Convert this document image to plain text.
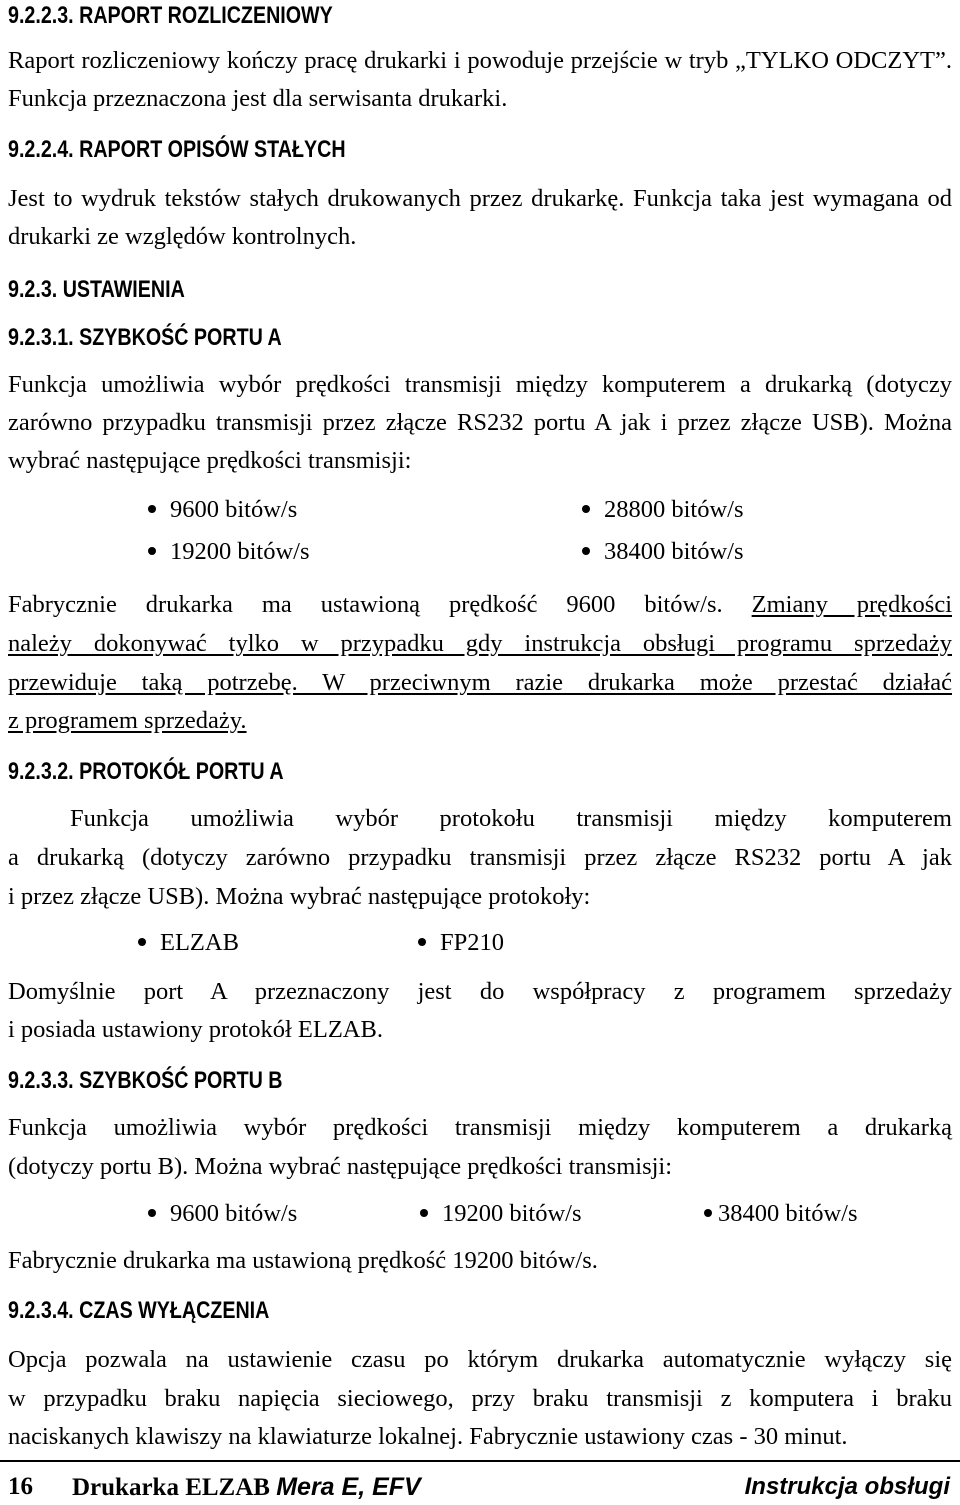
9.2.2.3. RAPORT ROZLICZENIOWY
Raport rozliczeniowy kończy pracę drukarki i powoduje przejście w tryb „TYLKO ODCZYT”. Funkcja przeznaczona jest dla serwisanta drukarki.
9.2.2.4. RAPORT OPISÓW STAŁYCH
Jest to wydruk tekstów stałych drukowanych przez drukarkę. Funkcja taka jest wymagana od drukarki ze względów kontrolnych.
9.2.3. USTAWIENIA
9.2.3.1. SZYBKOŚĆ PORTU A
Funkcja umożliwia wybór prędkości transmisji między komputerem a drukarką (dotyczy zarówno przypadku transmisji przez złącze RS232 portu A jak i przez złącze USB). Można wybrać następujące prędkości transmisji:
9600 bitów/s	28800 bitów/s
19200 bitów/s	38400 bitów/s
Fabrycznie drukarka ma ustawioną prędkość 9600 bitów/s. Zmiany prędkości
należy dokonywać tylko w przypadku gdy instrukcja obsługi programu sprzedaży
przewiduje taką potrzebę. W przeciwnym razie drukarka może przestać działać
z programem sprzedaży.
9.2.3.2. PROTOKÓŁ PORTU A
Funkcja umożliwia wybór protokołu transmisji między komputerem
a drukarką (dotyczy zarówno przypadku transmisji przez złącze RS232 portu A jak
i przez złącze USB). Można wybrać następujące protokoły:
ELZAB	FP210
Domyślnie port A przeznaczony jest do współpracy z programem sprzedaży
i posiada ustawiony protokół ELZAB.
9.2.3.3. SZYBKOŚĆ PORTU B
Funkcja umożliwia wybór prędkości transmisji między komputerem a drukarką
(dotyczy portu B). Można wybrać następujące prędkości transmisji:
9600 bitów/s	19200 bitów/s	38400 bitów/s
Fabrycznie drukarka ma ustawioną prędkość 19200 bitów/s.
9.2.3.4. CZAS WYŁĄCZENIA
Opcja pozwala na ustawienie czasu po którym drukarka automatycznie wyłączy się
w przypadku braku napięcia sieciowego, przy braku transmisji z komputera i braku
naciskanych klawiszy na klawiaturze lokalnej. Fabrycznie ustawiony czas - 30 minut.
16 Drukarka ELZAB Mera E, EFV	Instrukcja obsługi
